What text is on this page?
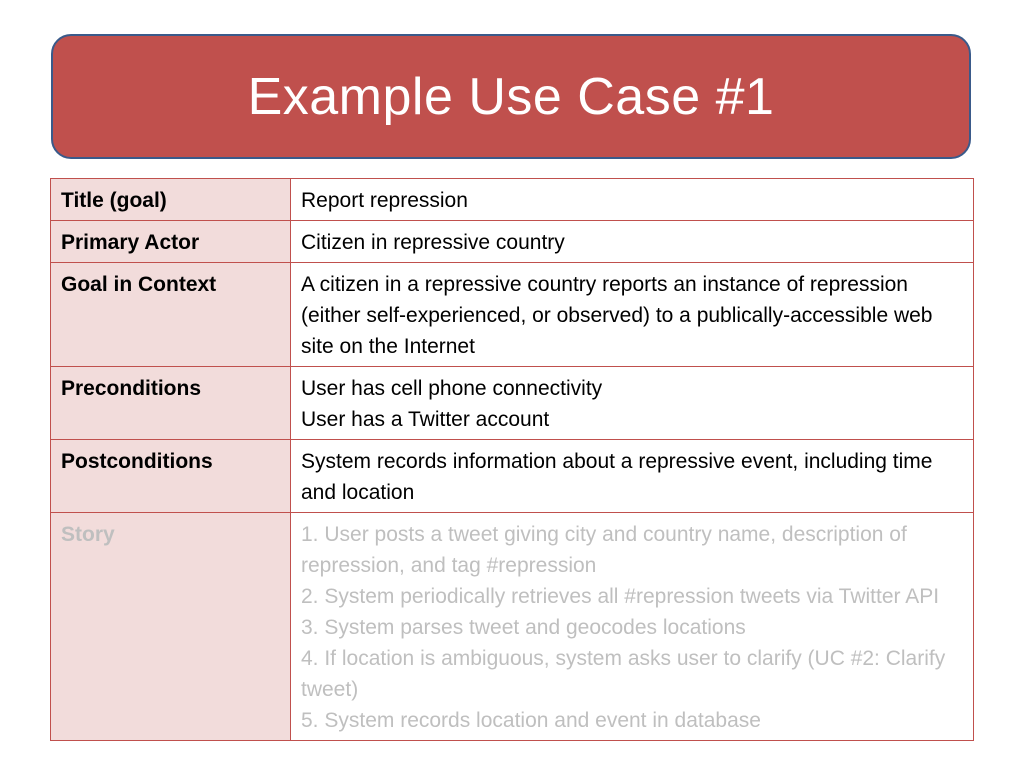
Example Use Case #1
Title (goal)	Report repression

Primary Actor	Citizen in repressive country

Goal in Context	A citizen in a repressive country reports an instance of repression (either self-experienced, or observed) to a publically-accessible web site on the Internet

Preconditions	User has cell phone connectivity
User has a Twitter account

Postconditions	System records information about a repressive event, including time and location

Story	1. User posts a tweet giving city and country name, description of repression, and tag #repression
2. System periodically retrieves all #repression tweets via Twitter API
3. System parses tweet and geocodes locations
4. If location is ambiguous, system asks user to clarify (UC #2: Clarify tweet)
5. System records location and event in database
